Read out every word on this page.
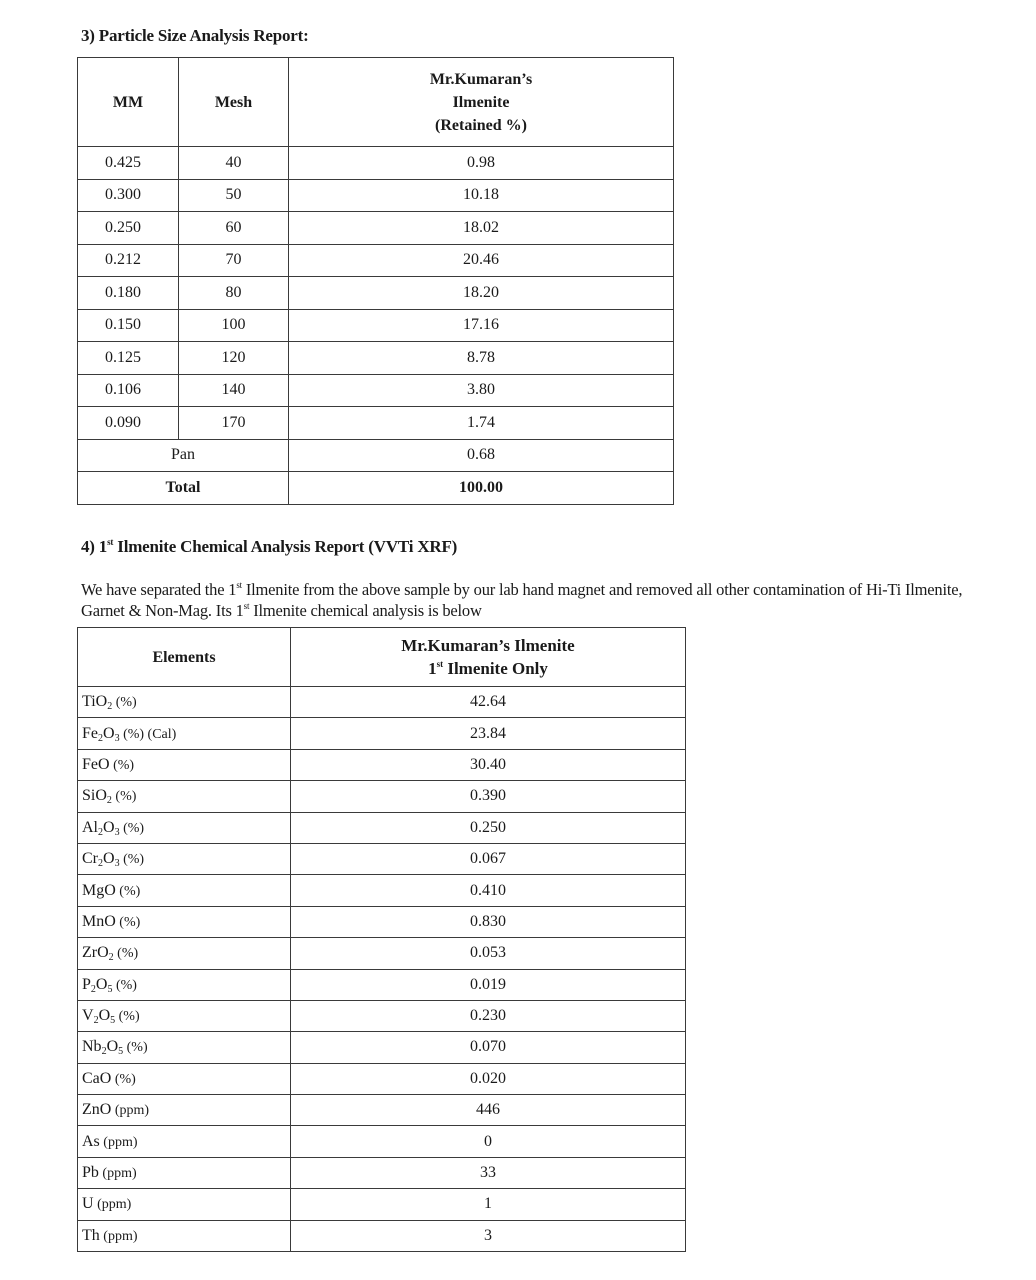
3) Particle Size Analysis Report:
MM	Mesh	Mr.Kumaran’s
Ilmenite
(Retained %)

0.425	40	0.98
0.300	50	10.18
0.250	60	18.02
0.212	70	20.46
0.180	80	18.20
0.150	100	17.16
0.125	120	8.78
0.106	140	3.80
0.090	170	1.74
Pan		0.68
Total		100.00
4) 1st Ilmenite Chemical Analysis Report (VVTi XRF)
We have separated the 1st Ilmenite from the above sample by our lab hand magnet and removed all other contamination of Hi-Ti Ilmenite, Garnet & Non-Mag. Its 1st Ilmenite chemical analysis is below
Elements	Mr.Kumaran’s Ilmenite
1st Ilmenite Only

TiO$_2$ (%)	42.64
$Fe_2O_3$ (%) (Cal)	23.84
FeO (%)	30.40
SiO$_2$ (%)	0.390
$Al_2O_3$ (%)	0.250
$Cr_2O_3$ (%)	0.067
MgO (%)	0.410
MnO (%)	0.830
ZrO$_2$ (%)	0.053
$P_2O_5$ (%)	0.019
$V_2O_5$ (%)	0.230
$Nb_2O_5$ (%)	0.070
CaO (%)	0.020
ZnO (ppm)	446
As (ppm)	0
Pb (ppm)	33
U (ppm)	1
Th (ppm)	3
